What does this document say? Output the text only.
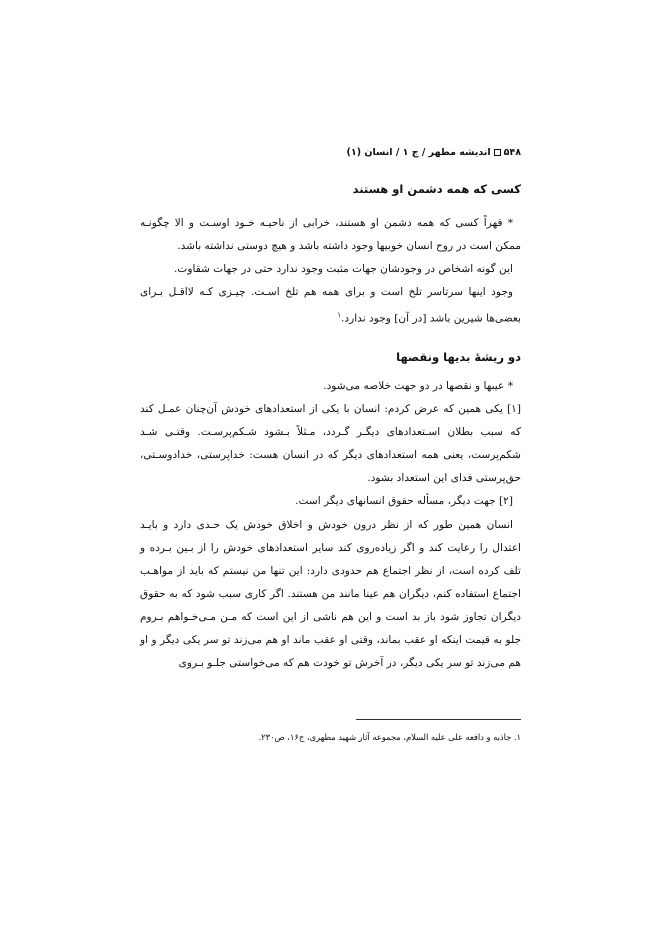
۵۴۸
اندیشه مطهر / ج ۱ / انسان (۱)
کسی که همه دشمن او هستند

* قهراً کسی که همه دشمن او هستند، خرابی از ناحیـه خـود اوسـت و الا چگونـه ممکن است در روح انسان خوبیها وجود داشته باشد و هیچ دوستی نداشته باشد.

این گونه اشخاص در وجودشان جهات مثبت وجود ندارد حتی در جهات شقاوت.

وجود اینها سرتاسر تلخ است و برای همه هم تلخ اسـت. چیـزی کـه لااقـل بـرای بعضی‌ها شیرین باشد [در آن] وجود ندارد.$^۱$

دو ریشهٔ بدیها ونقصها

* عیبها و نقصها در دو جهت خلاصه می‌شود.

[۱] یکی همین که عرض کردم: انسان با یکی از استعدادهای خودش آن‌چنان عمـل کند که سبب بطلان اسـتعدادهای دیگـر گـردد، مـثلاً بـشود شـکم‌پرسـت. وقتـی شـد شکم‌پرست، یعنی همه استعدادهای دیگر که در انسان هست: خداپرستی، خدادوسـتی، حق‌پرستی فدای این استعداد بشود.

[۲] جهت دیگر، مسأله حقوق انسانهای دیگر است.

انسان همین طور که از نظر درون خودش و اخلاق خودش یک حـدی دارد و بایـد اعتدال را رعایت کند و اگر زیاده‌روی کند سایر استعدادهای خودش را از بـین بـرده و تلف کرده است، از نظر اجتماع هم حدودی دارد: این تنها من نیستم که باید از مواهـب اجتماع استفاده کنم، دیگران هم عینا مانند من هستند. اگر کاری سبب شود که به حقوق دیگران تجاوز شود باز بد است و این هم ناشی از این است که مـن مـی‌خـواهم بـروم جلو به قیمت اینکه او عقب بماند، وقتی او عقب ماند او هم می‌زند تو سر یکی دیگر و او هم می‌زند تو سر یکی دیگر، در آخرش تو خودت هم که می‌خواستی جلـو بـروی

۱. جاذبه و دافعه علی علیه السلام، مجموعه آثار شهید مطهری، ج۱۶، ص۲۳۰.
